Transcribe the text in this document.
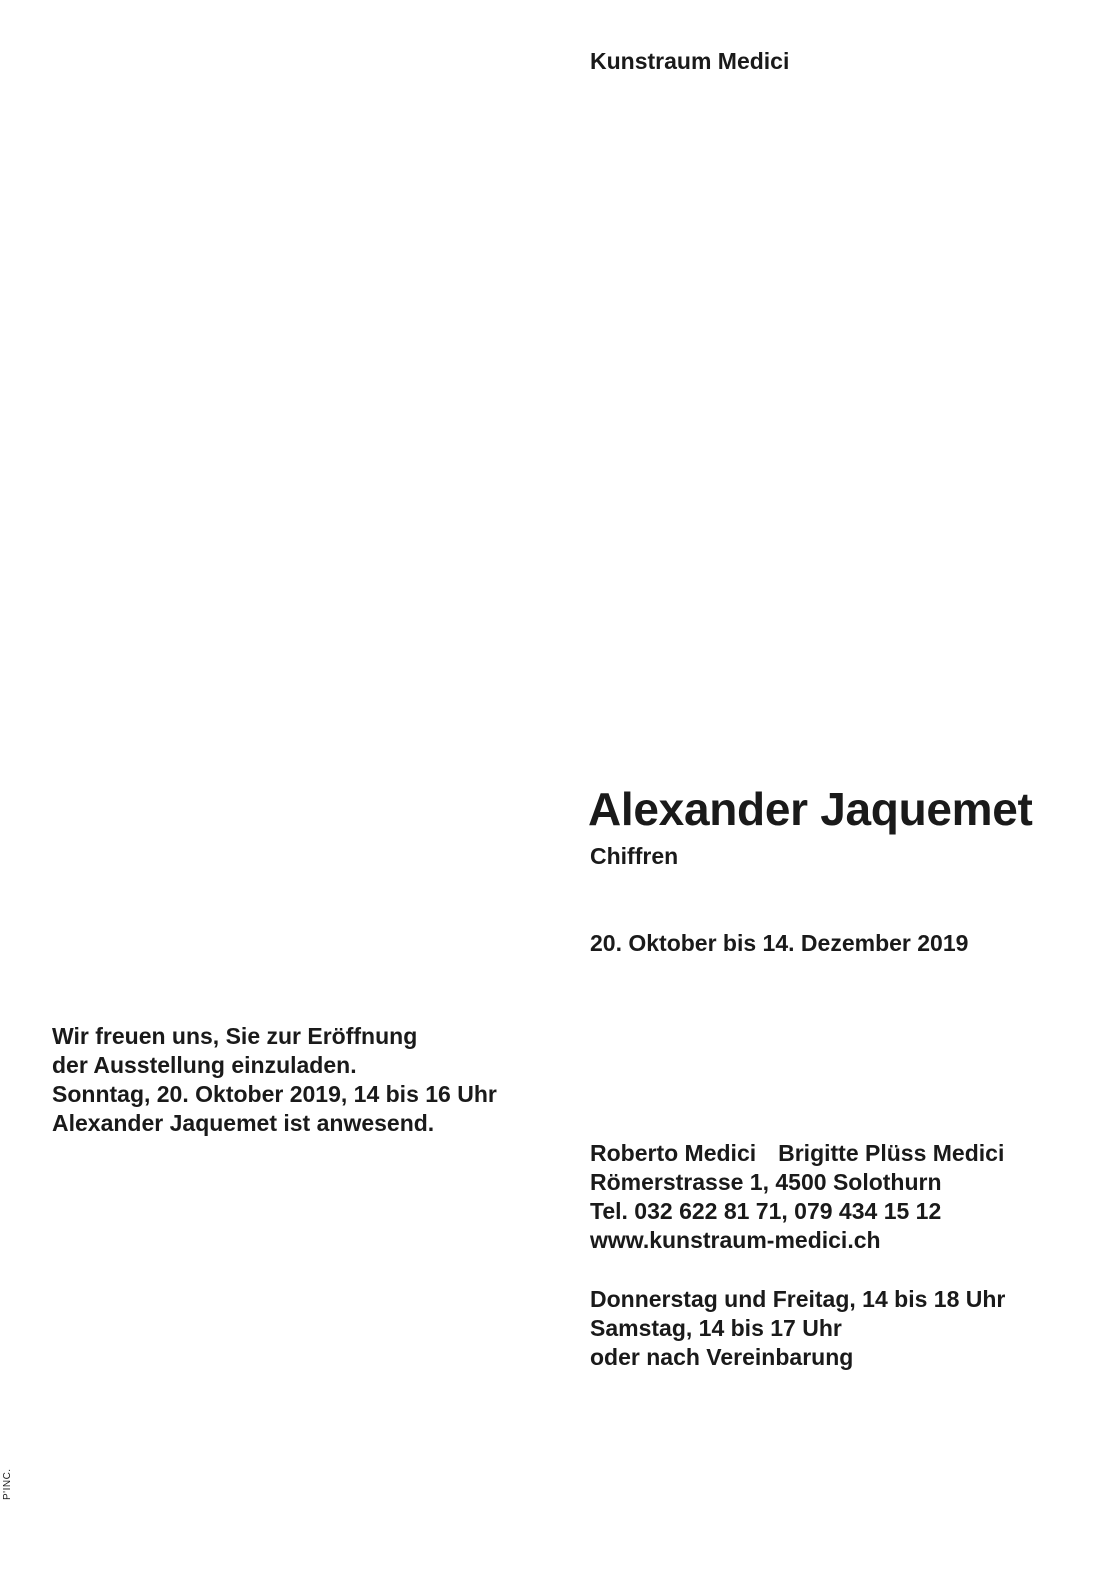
Kunstraum Medici
Alexander Jaquemet
Chiffren
20. Oktober bis 14. Dezember 2019
Wir freuen uns, Sie zur Eröffnung
der Ausstellung einzuladen.
Sonntag, 20. Oktober 2019, 14 bis 16 Uhr
Alexander Jaquemet ist anwesend.
Roberto Medici Brigitte Plüss Medici
Römerstrasse 1, 4500 Solothurn
Tel. 032 622 81 71, 079 434 15 12
www.kunstraum-medici.ch
Donnerstag und Freitag, 14 bis 18 Uhr
Samstag, 14 bis 17 Uhr
oder nach Vereinbarung
P'INC.
